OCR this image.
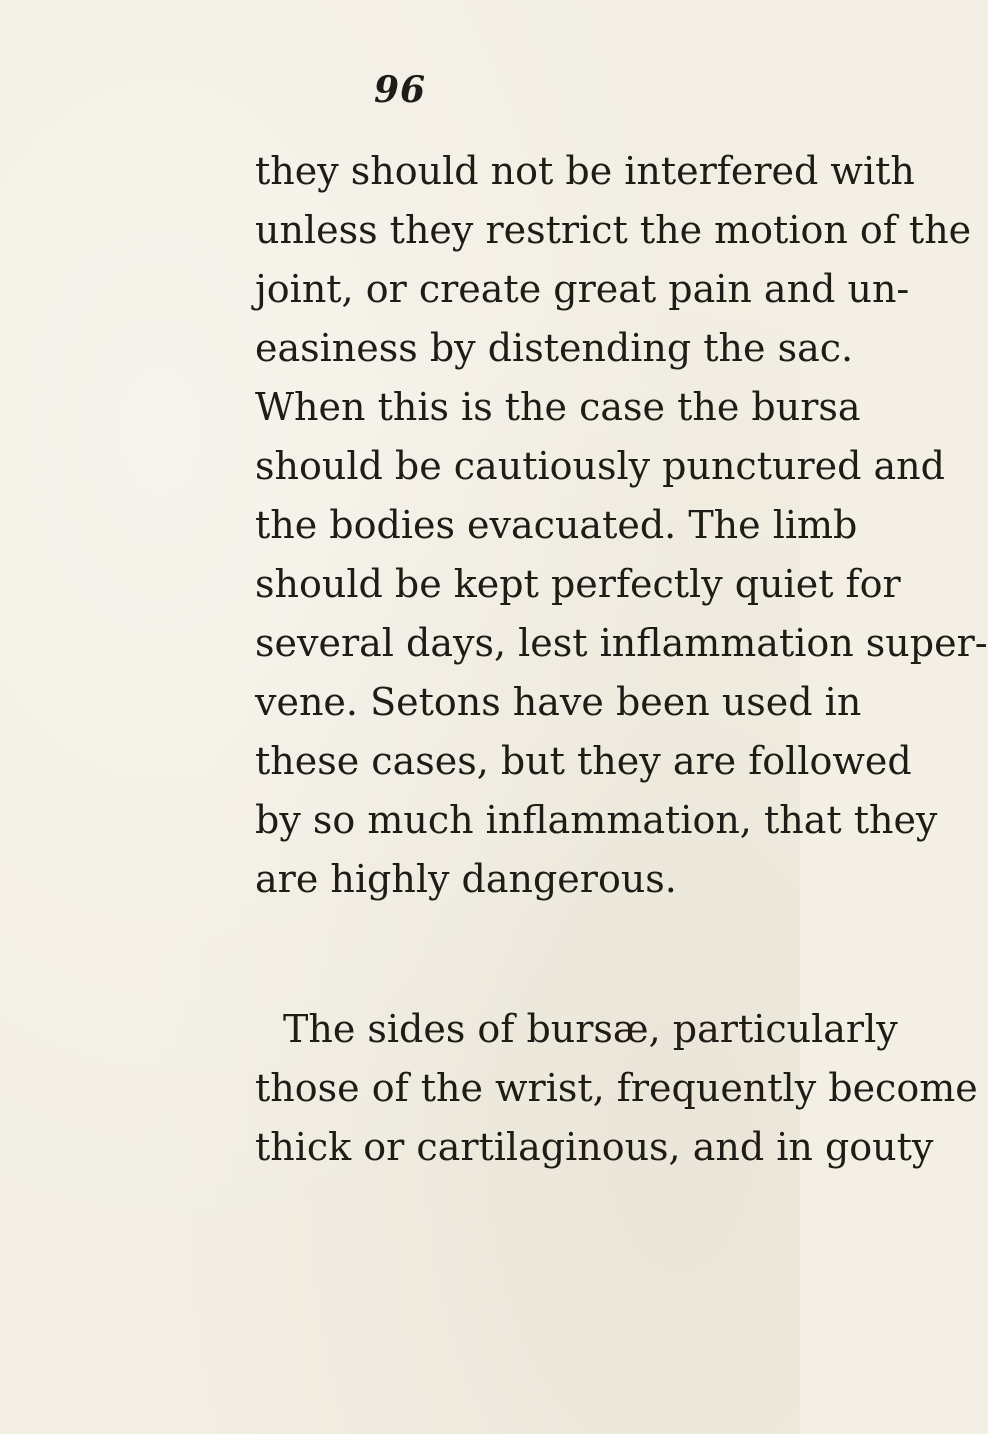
96
they should not be interfered with
unless they restrict the motion of the
joint, or create great pain and un-
easiness by distending the sac.
When this is the case the bursa
should be cautiously punctured and
the bodies evacuated. The limb
should be kept perfectly quiet for
several days, lest inflammation super-
vene. Setons have been used in
these cases, but they are followed
by so much inflammation, that they
are highly dangerous.
The sides of bursæ, particularly
those of the wrist, frequently become
thick or cartilaginous, and in gouty
